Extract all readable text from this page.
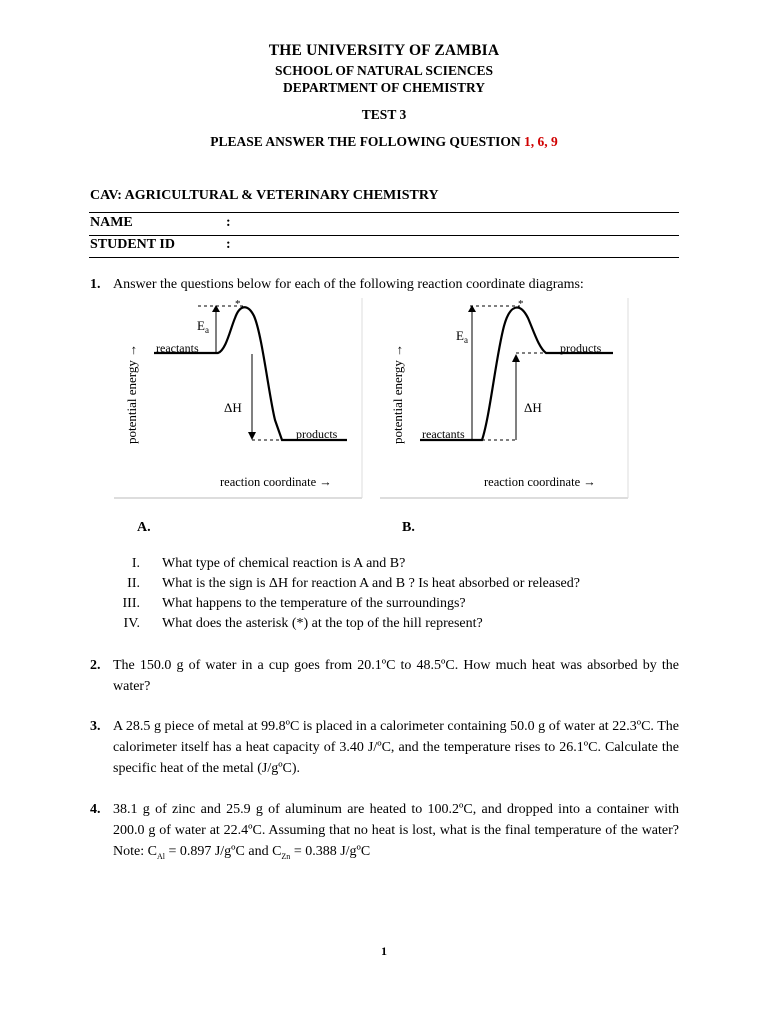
THE UNIVERSITY OF ZAMBIA
SCHOOL OF NATURAL SCIENCES
DEPARTMENT OF CHEMISTRY
TEST 3
PLEASE ANSWER THE FOLLOWING QUESTION 1, 6, 9
CAV: AGRICULTURAL & VETERINARY CHEMISTRY
NAME	:
STUDENT ID	:
1. Answer the questions below for each of the following reaction coordinate diagrams:
potential energy →
$E_a$
*
ΔH
reactants
products
reaction coordinate →
potential energy →
$E_a$
*
ΔH
reactants
products
reaction coordinate →
A.	B.
I. What type of chemical reaction is A and B?
II. What is the sign is ΔH for reaction A and B ? Is heat absorbed or released?
III. What happens to the temperature of the surroundings?
IV. What does the asterisk (*) at the top of the hill represent?
2. The 150.0 g of water in a cup goes from 20.1ºC to 48.5ºC. How much heat was absorbed by the water?
3. A 28.5 g piece of metal at 99.8ºC is placed in a calorimeter containing 50.0 g of water at 22.3ºC. The calorimeter itself has a heat capacity of 3.40 J/ºC, and the temperature rises to 26.1ºC. Calculate the specific heat of the metal (J/gºC).
4. 38.1 g of zinc and 25.9 g of aluminum are heated to 100.2ºC, and dropped into a container with 200.0 g of water at 22.4ºC. Assuming that no heat is lost, what is the final temperature of the water? Note: $C_{Al} = 0.897$ J/gºC and $C_{Zn} = 0.388$ J/gºC
1
